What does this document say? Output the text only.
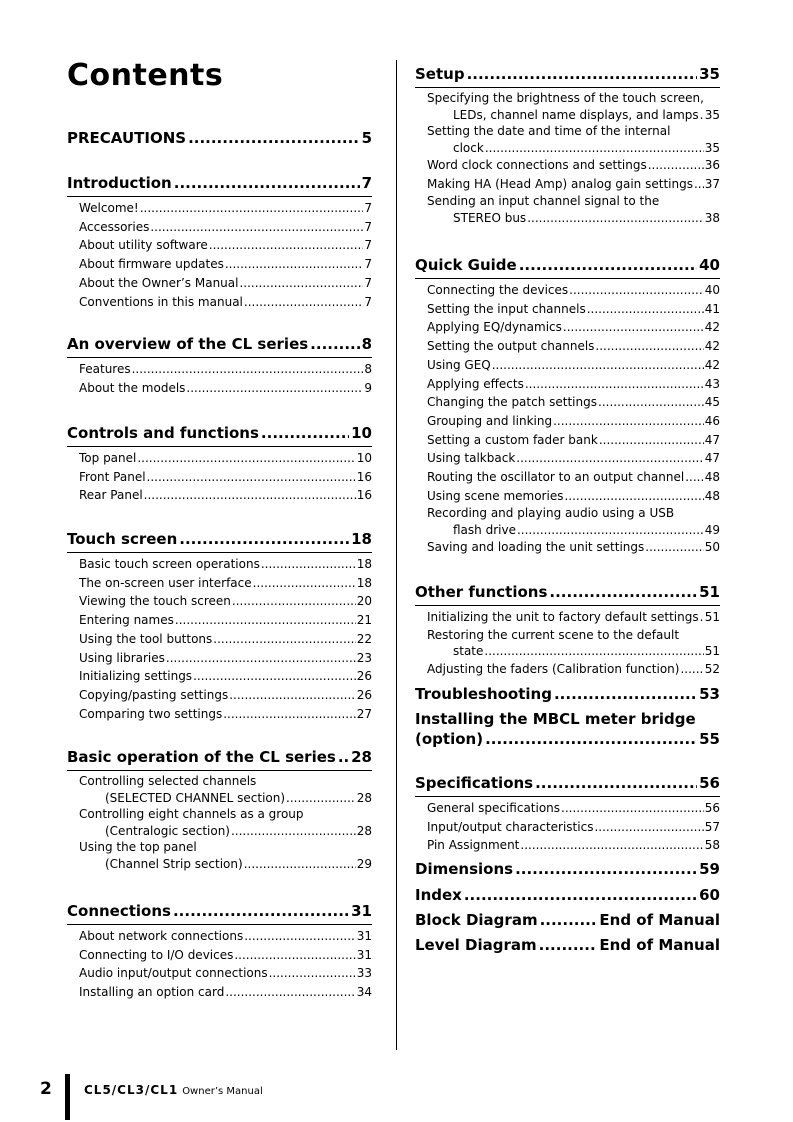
Contents
PRECAUTIONS .....	5
Introduction .....	7
Welcome! .....	7
Accessories .....	7
About utility software .....	7
About firmware updates .....	7
About the Owner’s Manual .....	7
Conventions in this manual .....	7
An overview of the CL series .....	8
Features .....	8
About the models .....	9
Controls and functions .....	10
Top panel .....	10
Front Panel .....	16
Rear Panel .....	16
Touch screen .....	18
Basic touch screen operations .....	18
The on-screen user interface .....	18
Viewing the touch screen .....	20
Entering names .....	21
Using the tool buttons .....	22
Using libraries .....	23
Initializing settings .....	26
Copying/pasting settings .....	26
Comparing two settings .....	27
Basic operation of the CL series ..... 28
Controlling selected channels
(SELECTED CHANNEL section) .....	28
Controlling eight channels as a group
(Centralogic section) .....	28
Using the top panel
(Channel Strip section) .....	29
Connections .....	31
About network connections .....	31
Connecting to I/O devices .....	31
Audio input/output connections .....	33
Installing an option card .....	34
Setup .....	35
Specifying the brightness of the touch screen,
LEDs, channel name displays, and lamps ..... 35
Setting the date and time of the internal
clock .....	35
Word clock connections and settings .....	36
Making HA (Head Amp) analog gain settings ..... 37
Sending an input channel signal to the
STEREO bus .....	38
Quick Guide .....	40
Connecting the devices .....	40
Setting the input channels .....	41
Applying EQ/dynamics .....	42
Setting the output channels .....	42
Using GEQ .....	42
Applying effects .....	43
Changing the patch settings .....	45
Grouping and linking .....	46
Setting a custom fader bank .....	47
Using talkback .....	47
Routing the oscillator to an output channel ..... 48
Using scene memories .....	48
Recording and playing audio using a USB
flash drive .....	49
Saving and loading the unit settings .....	50
Other functions .....	51
Initializing the unit to factory default settings ..... 51
Restoring the current scene to the default
state .....	51
Adjusting the faders (Calibration function) ..... 52
Troubleshooting .....	53
Installing the MBCL meter bridge
(option) .....	55
Specifications .....	56
General specifications .....	56
Input/output characteristics .....	57
Pin Assignment .....	58
Dimensions .....	59
Index .....	60
Block Diagram .....	End of Manual
Level Diagram .....	End of Manual
2	CL5/CL3/CL1 Owner’s Manual
